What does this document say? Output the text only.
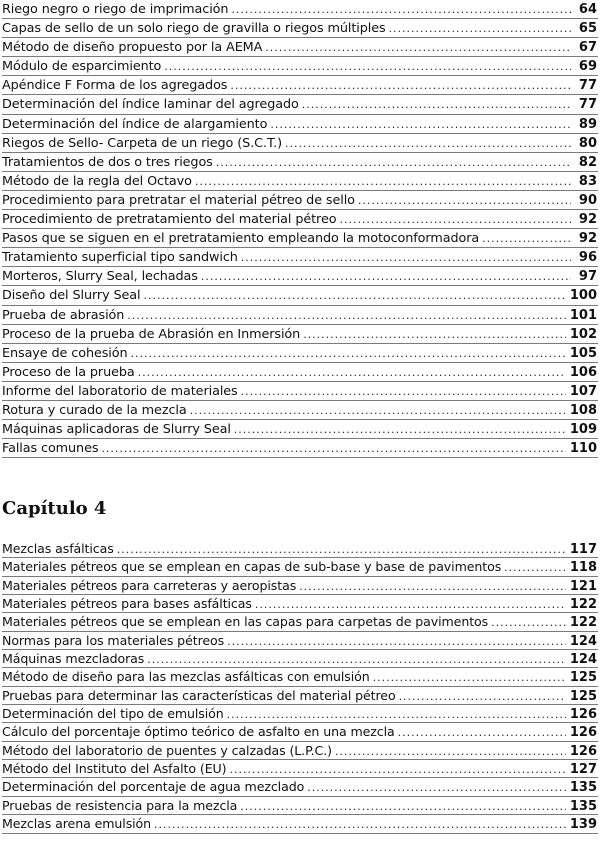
Riego negro o riego de imprimación .....	64
Capas de sello de un solo riego de gravilla o riegos múltiples .....	65
Método de diseño propuesto por la AEMA .....	67
Módulo de esparcimiento .....	69
Apéndice F Forma de los agregados .....	77
Determinación del índice laminar del agregado .....	77
Determinación del índice de alargamiento .....	89
Riegos de Sello- Carpeta de un riego (S.C.T.) .....	80
Tratamientos de dos o tres riegos .....	82
Método de la regla del Octavo .....	83
Procedimiento para pretratar el material pétreo de sello .....	90
Procedimiento de pretratamiento del material pétreo .....	92
Pasos que se siguen en el pretratamiento empleando la motoconformadora .....	92
Tratamiento superficial tipo sandwich .....	96
Morteros, Slurry Seal, lechadas .....	97
Diseño del Slurry Seal .....	100
Prueba de abrasión .....	101
Proceso de la prueba de Abrasión en Inmersión .....	102
Ensaye de cohesión .....	105
Proceso de la prueba .....	106
Informe del laboratorio de materiales .....	107
Rotura y curado de la mezcla .....	108
Máquinas aplicadoras de Slurry Seal .....	109
Fallas comunes .....	110
Capítulo 4
Mezclas asfálticas .....	117
Materiales pétreos que se emplean en capas de sub-base y base de pavimentos .....	118
Materiales pétreos para carreteras y aeropistas .....	121
Materiales pétreos para bases asfálticas .....	122
Materiales pétreos que se emplean en las capas para carpetas de pavimentos .....	122
Normas para los materiales pétreos .....	124
Máquinas mezcladoras .....	124
Método de diseño para las mezclas asfálticas con emulsión .....	125
Pruebas para determinar las características del material pétreo .....	125
Determinación del tipo de emulsión .....	126
Cálculo del porcentaje óptimo teórico de asfalto en una mezcla .....	126
Método del laboratorio de puentes y calzadas (L.P.C.) .....	126
Método del Instituto del Asfalto (EU) .....	127
Determinación del porcentaje de agua mezclado .....	135
Pruebas de resistencia para la mezcla .....	135
Mezclas arena emulsión .....	139
